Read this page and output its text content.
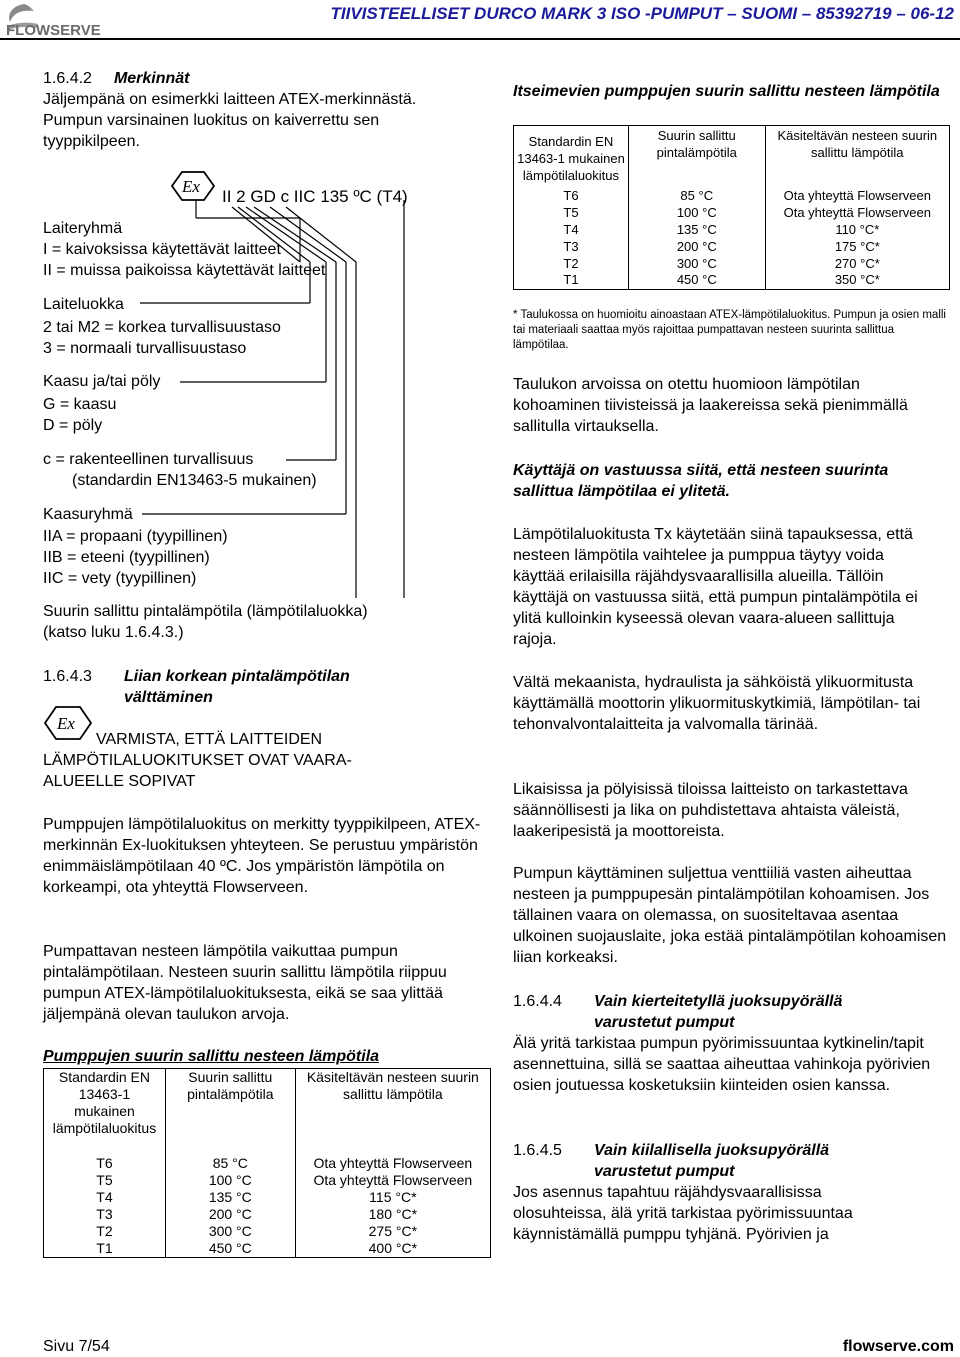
FLOWSERVE
TIIVISTEELLISET DURCO MARK 3 ISO -PUMPUT – SUOMI – 85392719 – 06-12
1.6.4.2 Merkinnät
Jäljempänä on esimerkki laitteen ATEX-merkinnästä.
Pumpun varsinainen luokitus on kaiverrettu sen
tyyppikilpeen.
Ex
II 2 GD c IIC 135 ºC (T4)
Laiteryhmä
I = kaivoksissa käytettävät laitteet
II = muissa paikoissa käytettävät laitteet
Laiteluokka
2 tai M2 = korkea turvallisuustaso
3 = normaali turvallisuustaso
Kaasu ja/tai pöly
G = kaasu
D = pöly
c = rakenteellinen turvallisuus
(standardin EN13463-5 mukainen)
Kaasuryhmä
IIA = propaani (tyypillinen)
IIB = eteeni (tyypillinen)
IIC = vety (tyypillinen)
Suurin sallittu pintalämpötila (lämpötilaluokka)
(katso luku 1.6.4.3.)
1.6.4.3 Liian korkean pintalämpötilan
välttäminen
Ex
VARMISTA, ETTÄ LAITTEIDEN
LÄMPÖTILALUOKITUKSET OVAT VAARA-
ALUEELLE SOPIVAT
Pumppujen lämpötilaluokitus on merkitty tyyppikilpeen, ATEX-merkinnän Ex-luokituksen yhteyteen. Se perustuu ympäristön enimmäislämpötilaan 40 ºC. Jos ympäristön lämpötila on korkeampi, ota yhteyttä Flowserveen.
Pumpattavan nesteen lämpötila vaikuttaa pumpun pintalämpötilaan. Nesteen suurin sallittu lämpötila riippuu pumpun ATEX-lämpötilaluokituksesta, eikä se saa ylittää jäljempänä olevan taulukon arvoja.
Pumppujen suurin sallittu nesteen lämpötila
Standardin EN 13463-1 mukainen lämpötilaluokitus	Suurin sallittu pintalämpötila	Käsiteltävän nesteen suurin sallittu lämpötila
T6	85 °C	Ota yhteyttä Flowserveen
T5	100 °C	Ota yhteyttä Flowserveen
T4	135 °C	115 °C*
T3	200 °C	180 °C*
T2	300 °C	275 °C*
T1	450 °C	400 °C*
Itseimevien pumppujen suurin sallittu nesteen lämpötila
Standardin EN 13463-1 mukainen lämpötilaluokitus	Suurin sallittu pintalämpötila	Käsiteltävän nesteen suurin sallittu lämpötila
T6	85 °C	Ota yhteyttä Flowserveen
T5	100 °C	Ota yhteyttä Flowserveen
T4	135 °C	110 °C*
T3	200 °C	175 °C*
T2	300 °C	270 °C*
T1	450 °C	350 °C*
* Taulukossa on huomioitu ainoastaan ATEX-lämpötilaluokitus. Pumpun ja osien malli tai materiaali saattaa myös rajoittaa pumpattavan nesteen suurinta sallittua lämpötilaa.
Taulukon arvoissa on otettu huomioon lämpötilan kohoaminen tiivisteissä ja laakereissa sekä pienimmällä sallitulla virtauksella.
Käyttäjä on vastuussa siitä, että nesteen suurinta sallittua lämpötilaa ei ylitetä.
Lämpötilaluokitusta Tx käytetään siinä tapauksessa, että nesteen lämpötila vaihtelee ja pumppua täytyy voida käyttää erilaisilla räjähdysvaarallisilla alueilla. Tällöin käyttäjä on vastuussa siitä, että pumpun pintalämpötila ei ylitä kulloinkin kyseessä olevan vaara-alueen sallittuja rajoja.
Vältä mekaanista, hydraulista ja sähköistä ylikuormitusta käyttämällä moottorin ylikuormituskytkimiä, lämpötilan- tai tehonvalvontalaitteita ja valvomalla tärinää.
Likaisissa ja pölyisissä tiloissa laitteisto on tarkastettava säännöllisesti ja lika on puhdistettava ahtaista väleistä, laakeripesistä ja moottoreista.
Pumpun käyttäminen suljettua venttiiliä vasten aiheuttaa nesteen ja pumppupesän pintalämpötilan kohoamisen. Jos tällainen vaara on olemassa, on suositeltavaa asentaa ulkoinen suojauslaite, joka estää pintalämpötilan kohoamisen liian korkeaksi.
1.6.4.4 Vain kierteitetyllä juoksupyörällä
varustetut pumput
Älä yritä tarkistaa pumpun pyörimissuuntaa kytkinelin/tapit asennettuina, sillä se saattaa aiheuttaa vahinkoja pyörivien osien joutuessa kosketuksiin kiinteiden osien kanssa.
1.6.4.5 Vain kiilallisella juoksupyörällä
varustetut pumput
Jos asennus tapahtuu räjähdysvaarallisissa olosuhteissa, älä yritä tarkistaa pyörimissuuntaa käynnistämällä pumppu tyhjänä. Pyörivien ja
Sivu 7/54	flowserve.com
